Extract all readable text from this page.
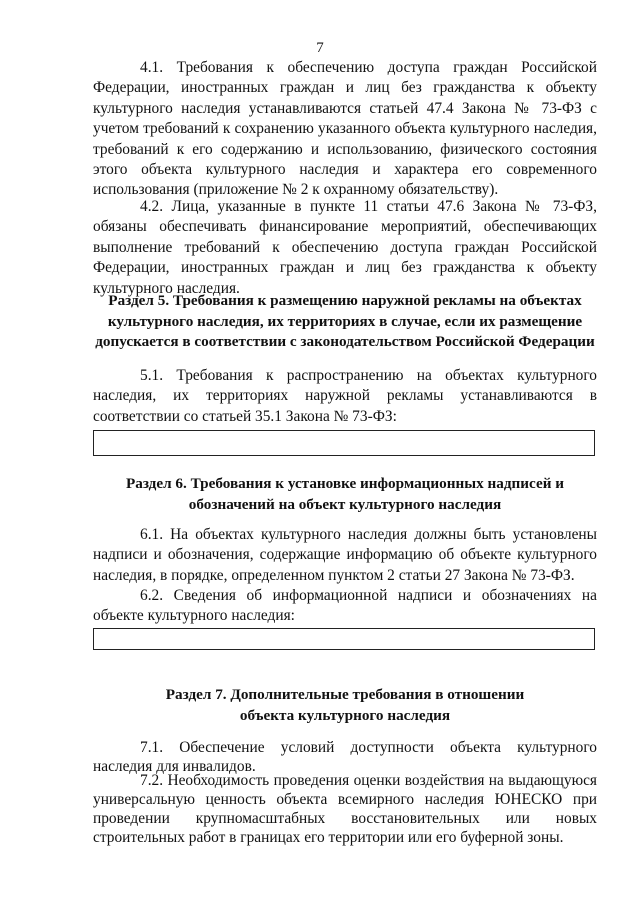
7

4.1. Требования к обеспечению доступа граждан Российской Федерации, иностранных граждан и лиц без гражданства к объекту культурного наследия устанавливаются статьей 47.4 Закона № 73-ФЗ с учетом требований к сохранению указанного объекта культурного наследия, требований к его содержанию и использованию, физического состояния этого объекта культурного наследия и характера его современного использования (приложение № 2 к охранному обязательству).

4.2. Лица, указанные в пункте 11 статьи 47.6 Закона № 73-ФЗ, обязаны обеспечивать финансирование мероприятий, обеспечивающих выполнение требований к обеспечению доступа граждан Российской Федерации, иностранных граждан и лиц без гражданства к объекту культурного наследия.

Раздел 5. Требования к размещению наружной рекламы на объектах культурного наследия, их территориях в случае, если их размещение допускается в соответствии с законодательством Российской Федерации

5.1. Требования к распространению на объектах культурного наследия, их территориях наружной рекламы устанавливаются в соответствии со статьей 35.1 Закона № 73-ФЗ:

Раздел 6. Требования к установке информационных надписей и обозначений на объект культурного наследия

6.1. На объектах культурного наследия должны быть установлены надписи и обозначения, содержащие информацию об объекте культурного наследия, в порядке, определенном пунктом 2 статьи 27 Закона № 73-ФЗ.

6.2. Сведения об информационной надписи и обозначениях на объекте культурного наследия:

Раздел 7. Дополнительные требования в отношении объекта культурного наследия

7.1. Обеспечение условий доступности объекта культурного наследия для инвалидов.

7.2. Необходимость проведения оценки воздействия на выдающуюся универсальную ценность объекта всемирного наследия ЮНЕСКО при проведении крупномасштабных восстановительных или новых строительных работ в границах его территории или его буферной зоны.
